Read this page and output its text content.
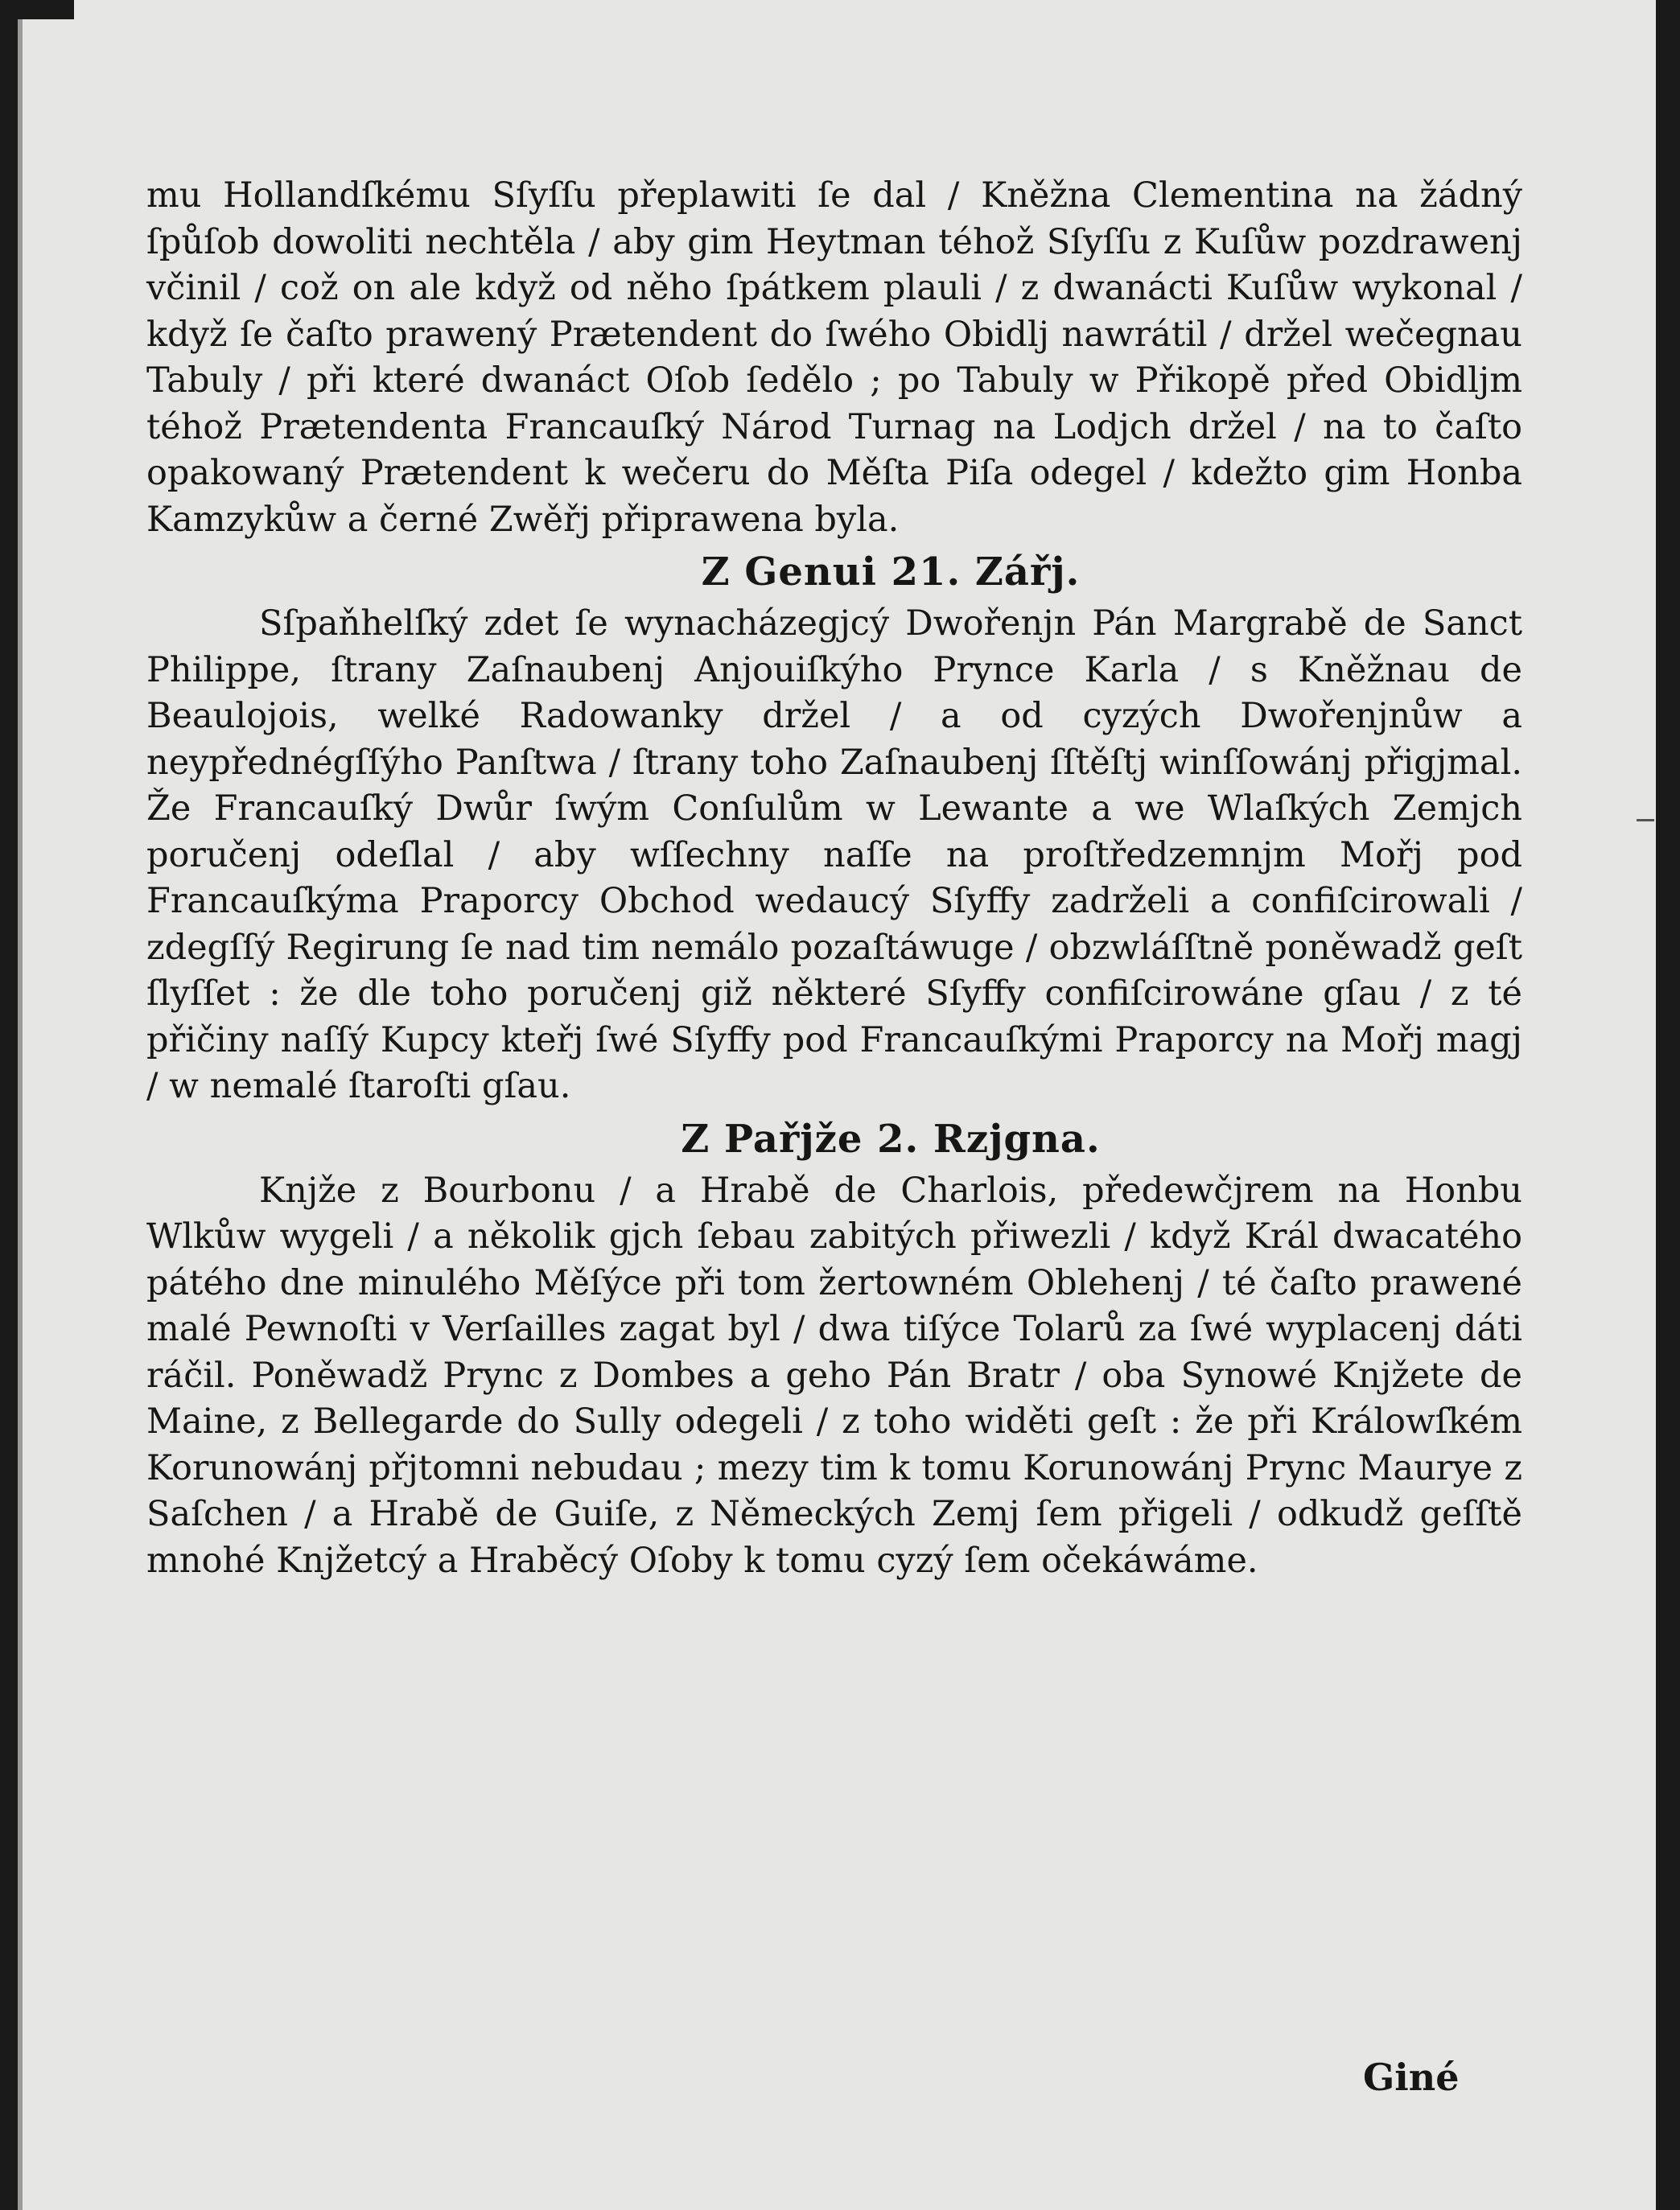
mu Hollandſkému Sſyſſu přeplawiti ſe dal / Kněžna Clementina na žádný ſpůſob dowoliti nechtěla / aby gim Heytman téhož Sſyſſu z Kuſůw pozdrawenj včinil / což on ale když od něho ſpátkem plauli / z dwanácti Kuſůw wykonal / když ſe čaſto prawený Prætendent do ſwého Obidlj nawrátil / držel wečegnau Tabuly / při které dwanáct Oſob ſedělo ; po Tabuly w Přikopě před Obidljm téhož Prætendenta Francauſký Národ Turnag na Lodjch držel / na to čaſto opakowaný Prætendent k wečeru do Měſta Piſa odegel / kdežto gim Honba Kamzykůw a černé Zwěřj připrawena byla.

Z Genui 21. Zářj.

Sſpaňhelſký zdet ſe wynacházegjcý Dwořenjn Pán Margrabě de Sanct Philippe, ſtrany Zaſnaubenj Anjouiſkýho Prynce Karla / s Kněžnau de Beaulojois, welké Radowanky držel / a od cyzých Dwořenjnůw a neypřednégſſýho Panſtwa / ſtrany toho Zaſnaubenj ſſtěſtj winſſowánj přigjmal. Že Francauſký Dwůr ſwým Conſulům w Lewante a we Wlaſkých Zemjch poručenj odeſlal / aby wſſechny naſſe na proſtředzemnjm Mořj pod Francauſkýma Praporcy Obchod wedaucý Sſyffy zadrželi a confiſcirowali / zdegſſý Regirung ſe nad tim nemálo pozaſtáwuge / obzwláſſtně poněwadž geſt ſlyſſet : že dle toho poručenj giž některé Sſyffy confiſcirowáne gſau / z té přičiny naſſý Kupcy kteřj ſwé Sſyffy pod Francauſkými Praporcy na Mořj magj / w nemalé ſtaroſti gſau.

Z Pařjže 2. Rzjgna.

Knjže z Bourbonu / a Hrabě de Charlois, předewčjrem na Honbu Wlkůw wygeli / a několik gjch ſebau zabitých přiwezli / když Král dwacatého pátého dne minulého Měſýce při tom žertowném Oblehenj / té čaſto prawené malé Pewnoſti v Verſailles zagat byl / dwa tiſýce Tolarů za ſwé wyplacenj dáti ráčil. Poněwadž Prync z Dombes a geho Pán Bratr / oba Synowé Knjžete de Maine, z Bellegarde do Sully odegeli / z toho widěti geſt : že při Králowſkém Korunowánj přjtomni nebudau ; mezy tim k tomu Korunowánj Prync Maurye z Saſchen / a Hrabě de Guiſe, z Německých Zemj ſem přigeli / odkudž geſſtě mnohé Knjžetcý a Hraběcý Oſoby k tomu cyzý ſem očekáwáme.

Giné
